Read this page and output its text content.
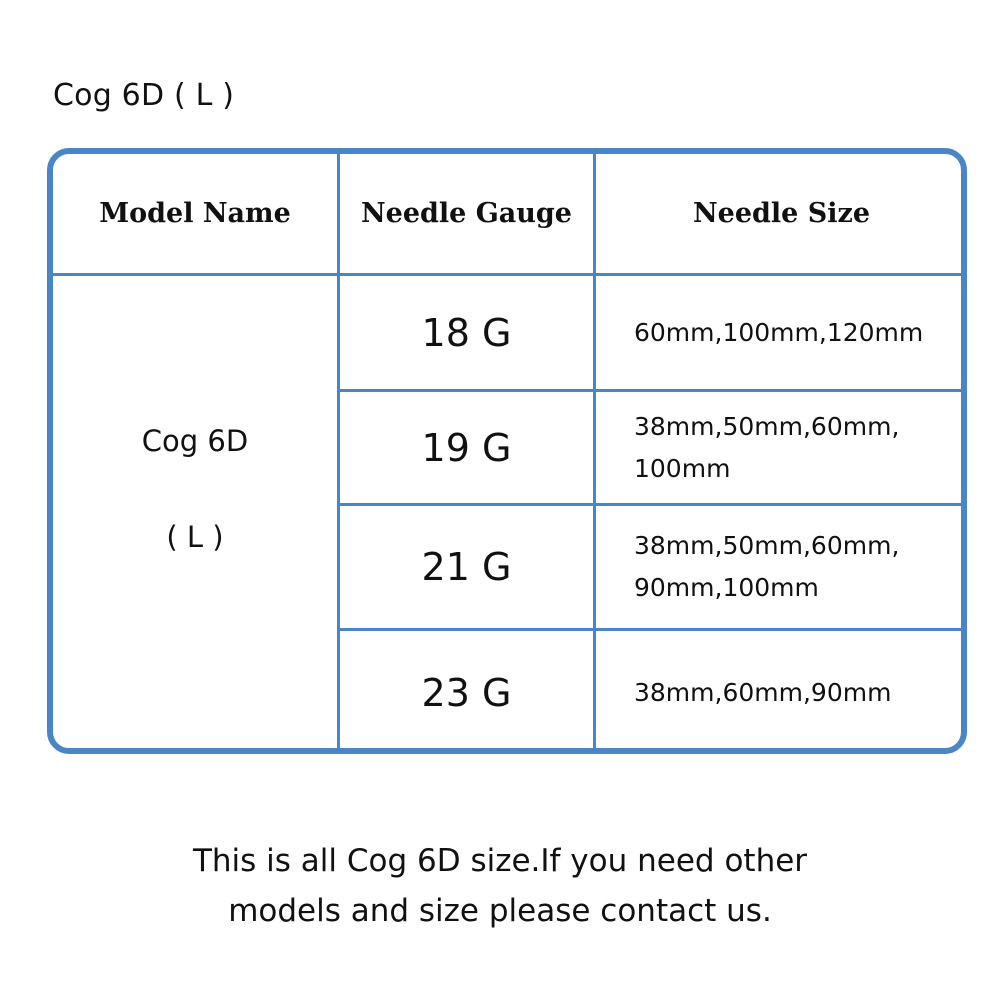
Cog 6D ( L )
Model Name	Needle Gauge	Needle Size
Cog 6D
( L )
18 G	60mm,100mm,120mm
19 G	38mm,50mm,60mm,
100mm
21 G	38mm,50mm,60mm,
90mm,100mm
23 G	38mm,60mm,90mm
This is all Cog 6D size.If you need other
models and size please contact us.
